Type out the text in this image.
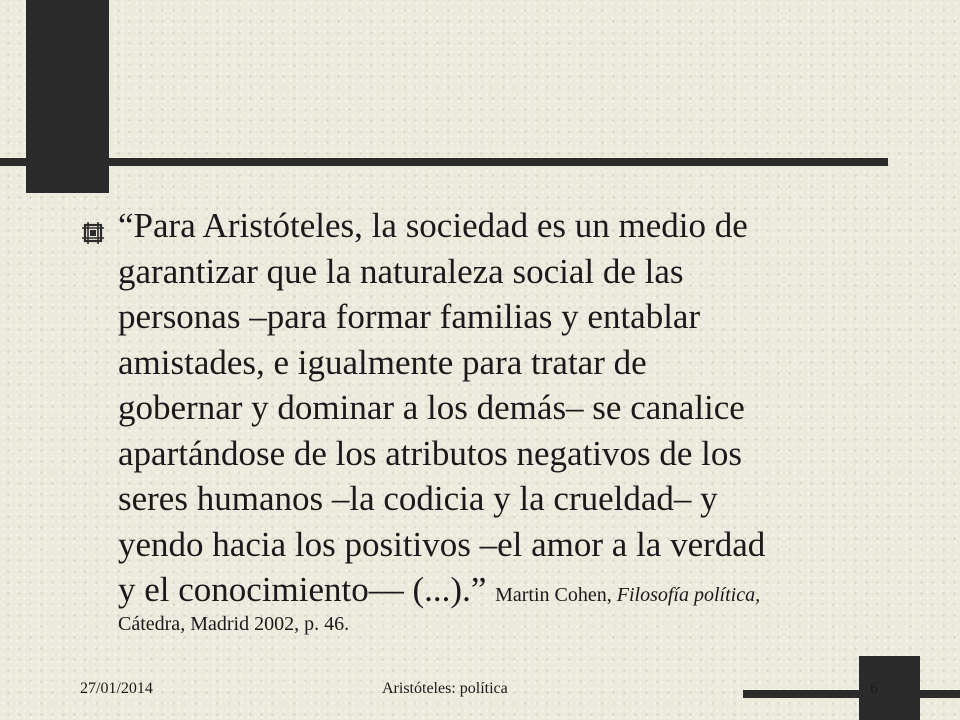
“Para Aristóteles, la sociedad es un medio de
garantizar que la naturaleza social de las
personas –para formar familias y entablar
amistades, e igualmente para tratar de
gobernar y dominar a los demás– se canalice
apartándose de los atributos negativos de los
seres humanos –la codicia y la crueldad– y
yendo hacia los positivos –el amor a la verdad
y el conocimiento— (...).” Martin Cohen, Filosofía política,
Cátedra, Madrid 2002, p. 46.

27/01/2014	Aristóteles: política	6
